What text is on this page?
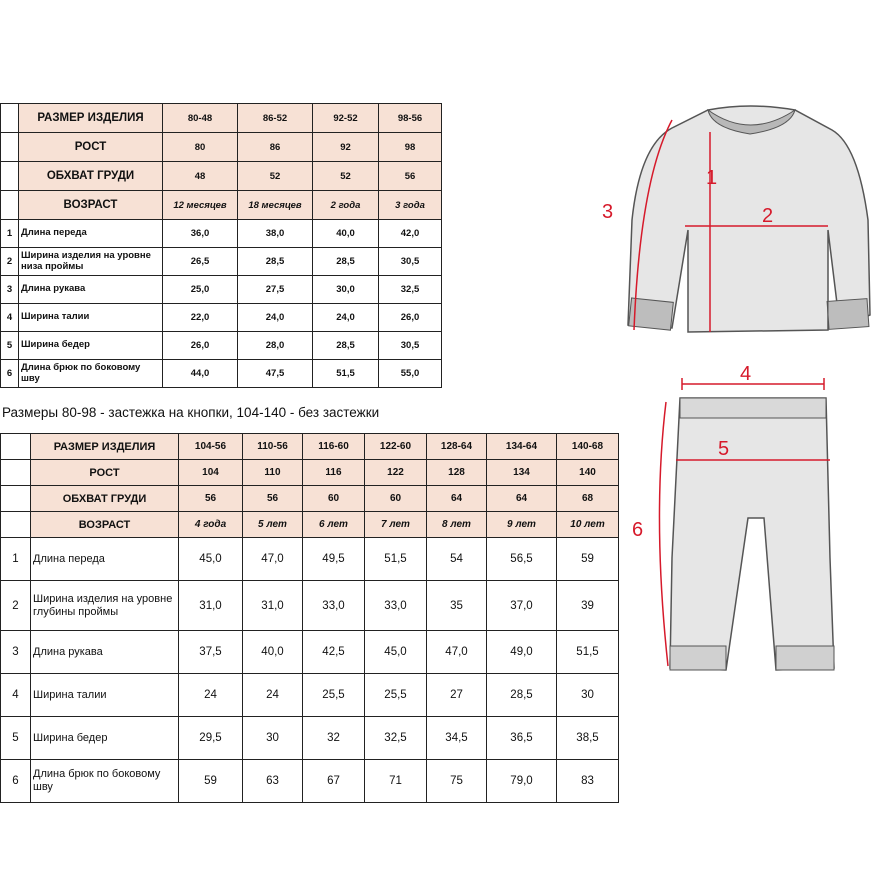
	РАЗМЕР ИЗДЕЛИЯ	80-48	86-52	92-52	98-56
	РОСТ	80	86	92	98
	ОБХВАТ ГРУДИ	48	52	52	56
	ВОЗРАСТ	12 месяцев	18 месяцев	2 года	3 года
1	Длина переда	36,0	38,0	40,0	42,0
2	Ширина изделия на уровне низа проймы	26,5	28,5	28,5	30,5
3	Длина рукава	25,0	27,5	30,0	32,5
4	Ширина талии	22,0	24,0	24,0	26,0
5	Ширина бедер	26,0	28,0	28,5	30,5
6	Длина брюк по боковому шву	44,0	47,5	51,5	55,0
Размеры 80-98 - застежка на кнопки, 104-140 - без застежки
	РАЗМЕР ИЗДЕЛИЯ	104-56	110-56	116-60	122-60	128-64	134-64	140-68
	РОСТ	104	110	116	122	128	134	140
	ОБХВАТ ГРУДИ	56	56	60	60	64	64	68
	ВОЗРАСТ	4 года	5 лет	6 лет	7 лет	8 лет	9 лет	10 лет
1	Длина переда	45,0	47,0	49,5	51,5	54	56,5	59
2	Ширина изделия на уровне глубины проймы	31,0	31,0	33,0	33,0	35	37,0	39
3	Длина рукава	37,5	40,0	42,5	45,0	47,0	49,0	51,5
4	Ширина талии	24	24	25,5	25,5	27	28,5	30
5	Ширина бедер	29,5	30	32	32,5	34,5	36,5	38,5
6	Длина брюк по боковому шву	59	63	67	71	75	79,0	83
1
2
3
4
5
6
